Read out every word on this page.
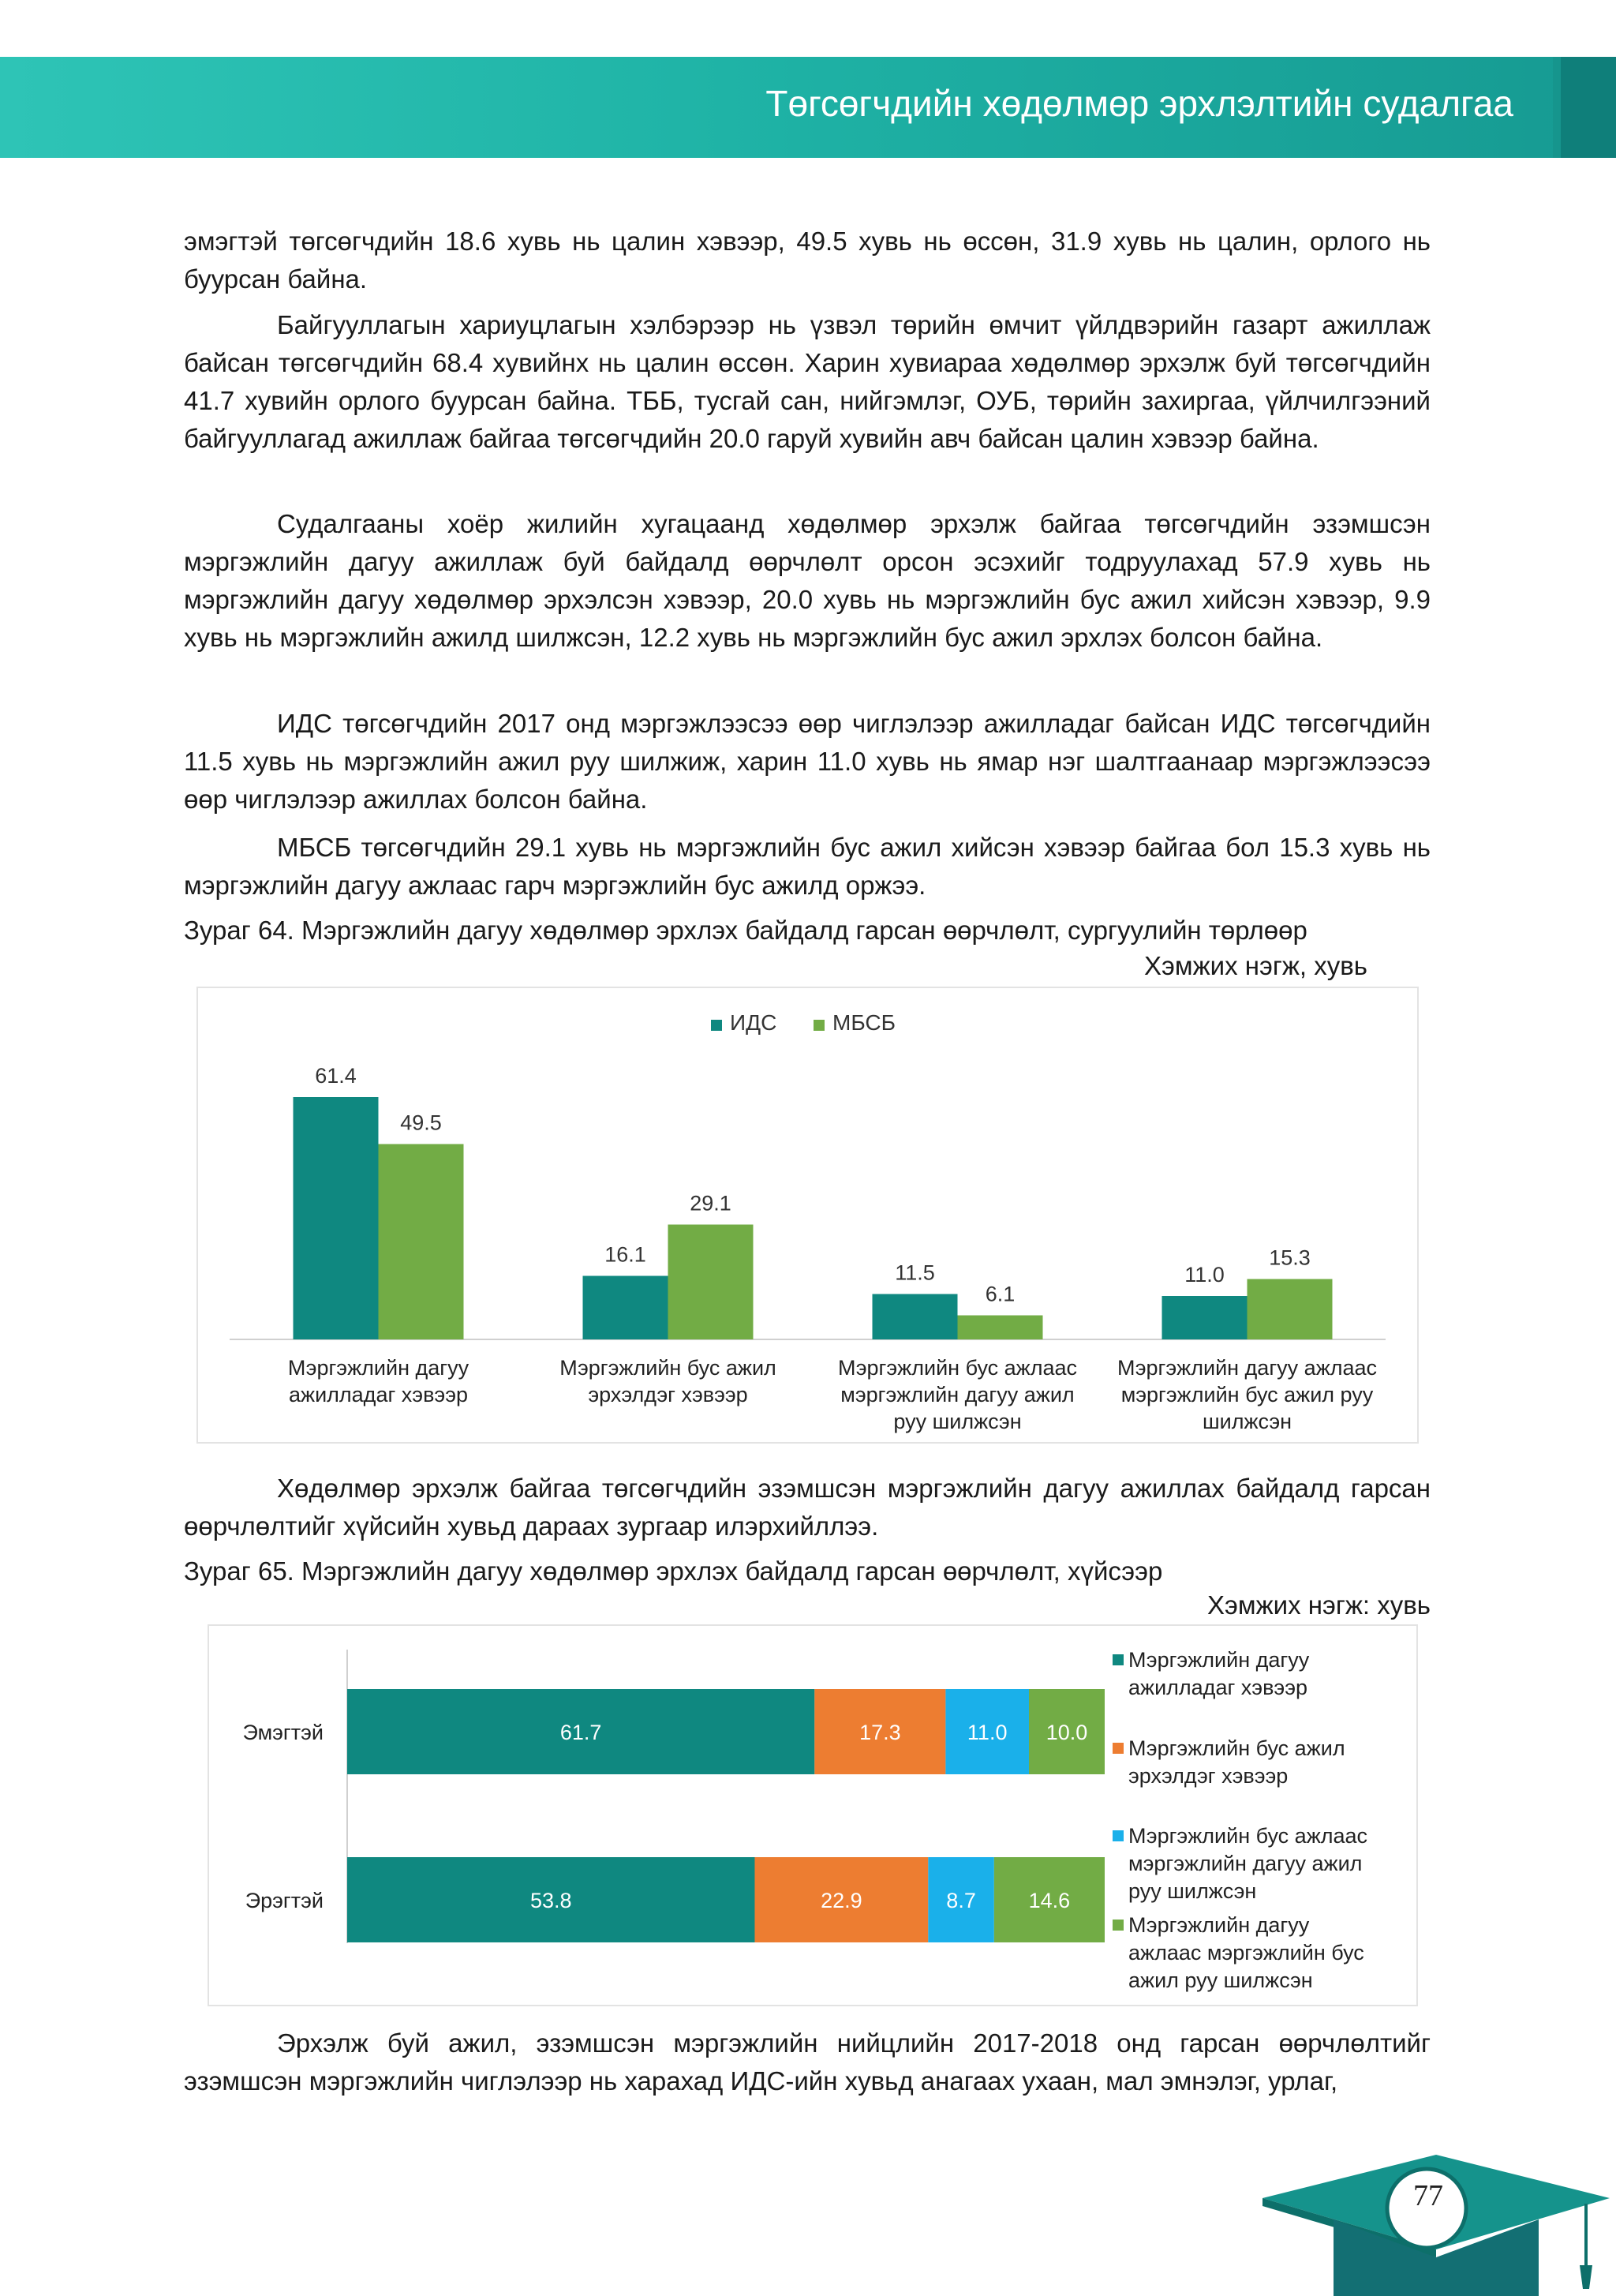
Төгсөгчдийн хөдөлмөр эрхлэлтийн судалгаа

эмэгтэй төгсөгчдийн 18.6 хувь нь цалин хэвээр, 49.5 хувь нь өссөн, 31.9 хувь нь цалин, орлого нь буурсан байна.

Байгууллагын хариуцлагын хэлбэрээр нь үзвэл төрийн өмчит үйлдвэрийн газарт ажиллаж байсан төгсөгчдийн 68.4 хувийнх нь цалин өссөн. Харин хувиараа хөдөлмөр эрхэлж буй төгсөгчдийн 41.7 хувийн орлого буурсан байна. ТББ, тусгай сан, нийгэмлэг, ОУБ, төрийн захиргаа, үйлчилгээний байгууллагад ажиллаж байгаа төгсөгчдийн 20.0 гаруй хувийн авч байсан цалин хэвээр байна.

Судалгааны хоёр жилийн хугацаанд хөдөлмөр эрхэлж байгаа төгсөгчдийн эзэмшсэн мэргэжлийн дагуу ажиллаж буй байдалд өөрчлөлт орсон эсэхийг тодруулахад 57.9 хувь нь мэргэжлийн дагуу хөдөлмөр эрхэлсэн хэвээр, 20.0 хувь нь мэргэжлийн бус ажил хийсэн хэвээр, 9.9 хувь нь мэргэжлийн ажилд шилжсэн, 12.2 хувь нь мэргэжлийн бус ажил эрхлэх болсон байна.

ИДС төгсөгчдийн 2017 онд мэргэжлээсээ өөр чиглэлээр ажилладаг байсан ИДС төгсөгчдийн 11.5 хувь нь мэргэжлийн ажил руу шилжиж, харин 11.0 хувь нь ямар нэг шалтгаанаар мэргэжлээсээ өөр чиглэлээр ажиллах болсон байна.

МБСБ төгсөгчдийн 29.1 хувь нь мэргэжлийн бус ажил хийсэн хэвээр байгаа бол 15.3 хувь нь мэргэжлийн дагуу ажлаас гарч мэргэжлийн бус ажилд оржээ.

Зураг 64. Мэргэжлийн дагуу хөдөлмөр эрхлэх байдалд гарсан өөрчлөлт, сургуулийн төрлөөр

Хэмжих нэгж, хувь

ИДС	МБСБ
61.4
49.5
Мэргэжлийн дагуу
ажилладаг хэвээр
16.1
29.1
Мэргэжлийн бус ажил
эрхэлдэг хэвээр
11.5
6.1
Мэргэжлийн бус ажлаас
мэргэжлийн дагуу ажил
руу шилжсэн
11.0
15.3
Мэргэжлийн дагуу ажлаас
мэргэжлийн бус ажил руу
шилжсэн

Хөдөлмөр эрхэлж байгаа төгсөгчдийн эзэмшсэн мэргэжлийн дагуу ажиллах байдалд гарсан өөрчлөлтийг хүйсийн хувьд дараах зургаар илэрхийллээ.

Зураг 65. Мэргэжлийн дагуу хөдөлмөр эрхлэх байдалд гарсан өөрчлөлт, хүйсээр

Хэмжих нэгж: хувь

Эмэгтэй	61.7	17.3	11.0 10.0
Эрэгтэй	53.8	22.9	8.7 14.6
Мэргэжлийн дагуу
ажилладаг хэвээр
Мэргэжлийн бус ажил
эрхэлдэг хэвээр
Мэргэжлийн бус ажлаас
мэргэжлийн дагуу ажил
руу шилжсэн
Мэргэжлийн дагуу
ажлаас мэргэжлийн бус
ажил руу шилжсэн

Эрхэлж буй ажил, эзэмшсэн мэргэжлийн нийцлийн 2017-2018 онд гарсан өөрчлөлтийг эзэмшсэн мэргэжлийн чиглэлээр нь харахад ИДС-ийн хувьд анагаах ухаан, мал эмнэлэг, урлаг,

77
